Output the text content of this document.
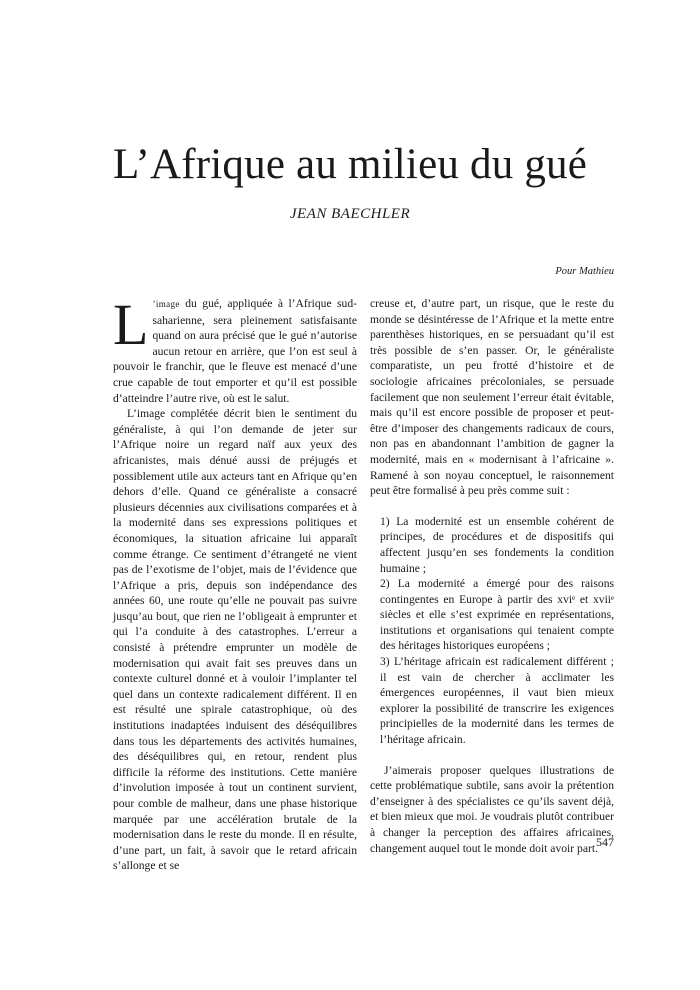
L’Afrique au milieu du gué
JEAN BAECHLER
Pour Mathieu

L ’image du gué, appliquée à l’Afrique sud-saharienne, sera pleinement satisfaisante quand on aura précisé que le gué n’autorise aucun retour en arrière, que l’on est seul à pouvoir le franchir, que le fleuve est menacé d’une crue capable de tout emporter et qu’il est possible d’atteindre l’autre rive, où est le salut.

L’image complétée décrit bien le sentiment du généraliste, à qui l’on demande de jeter sur l’Afrique noire un regard naïf aux yeux des africanistes, mais dénué aussi de préjugés et possiblement utile aux acteurs tant en Afrique qu’en dehors d’elle. Quand ce généraliste a consacré plusieurs décennies aux civilisations comparées et à la modernité dans ses expressions politiques et économiques, la situation africaine lui apparaît comme étrange. Ce sentiment d’étrangeté ne vient pas de l’exotisme de l’objet, mais de l’évidence que l’Afrique a pris, depuis son indépendance des années 60, une route qu’elle ne pouvait pas suivre jusqu’au bout, que rien ne l’obligeait à emprunter et qui l’a conduite à des catastrophes. L’erreur a consisté à prétendre emprunter un modèle de modernisation qui avait fait ses preuves dans un contexte culturel donné et à vouloir l’implanter tel quel dans un contexte radicalement différent. Il en est résulté une spirale catastrophique, où des institutions inadaptées induisent des déséquilibres dans tous les départements des activités humaines, des déséquilibres qui, en retour, rendent plus difficile la réforme des institutions. Cette manière d’involution imposée à tout un continent survient, pour comble de malheur, dans une phase historique marquée par une accélération brutale de la modernisation dans le reste du monde. Il en résulte, d’une part, un fait, à savoir que le retard africain s’allonge et se

creuse et, d’autre part, un risque, que le reste du monde se désintéresse de l’Afrique et la mette entre parenthèses historiques, en se persuadant qu’il est très possible de s’en passer. Or, le généraliste comparatiste, un peu frotté d’histoire et de sociologie africaines précoloniales, se persuade facilement que non seulement l’erreur était évitable, mais qu’il est encore possible de proposer et peut-être d’imposer des changements radicaux de cours, non pas en abandonnant l’ambition de gagner la modernité, mais en « modernisant à l’africaine ». Ramené à son noyau conceptuel, le raisonnement peut être formalisé à peu près comme suit :

1) La modernité est un ensemble cohérent de principes, de procédures et de dispositifs qui affectent jusqu’en ses fondements la condition humaine ;

2) La modernité a émergé pour des raisons contingentes en Europe à partir des xviᵉ et xviiᵉ siècles et elle s’est exprimée en représentations, institutions et organisations qui tenaient compte des héritages historiques européens ;

3) L’héritage africain est radicalement différent ; il est vain de chercher à acclimater les émergences européennes, il vaut bien mieux explorer la possibilité de transcrire les exigences principielles de la modernité dans les termes de l’héritage africain.

J’aimerais proposer quelques illustrations de cette problématique subtile, sans avoir la prétention d’enseigner à des spécialistes ce qu’ils savent déjà, et bien mieux que moi. Je voudrais plutôt contribuer à changer la perception des affaires africaines, changement auquel tout le monde doit avoir part.

547
